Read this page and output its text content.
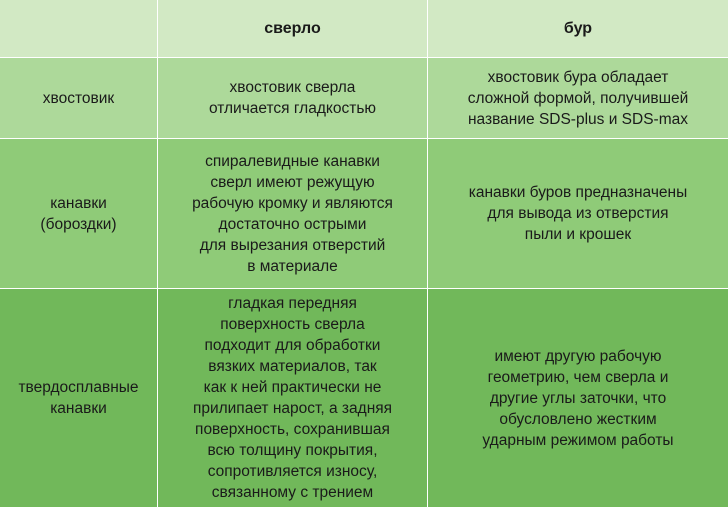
сверло	бур
хвостовик
хвостовик сверла
отличается гладкостью
хвостовик бура обладает
сложной формой, получившей
название SDS-plus и SDS-max
канавки
(бороздки)
спиралевидные канавки
сверл имеют режущую
рабочую кромку и являются
достаточно острыми
для вырезания отверстий
в материале
канавки буров предназначены
для вывода из отверстия
пыли и крошек
твердосплавные
канавки
гладкая передняя
поверхность сверла
подходит для обработки
вязких материалов, так
как к ней практически не
прилипает нарост, а задняя
поверхность, сохранившая
всю толщину покрытия,
сопротивляется износу,
связанному с трением
имеют другую рабочую
геометрию, чем сверла и
другие углы заточки, что
обусловлено жестким
ударным режимом работы
